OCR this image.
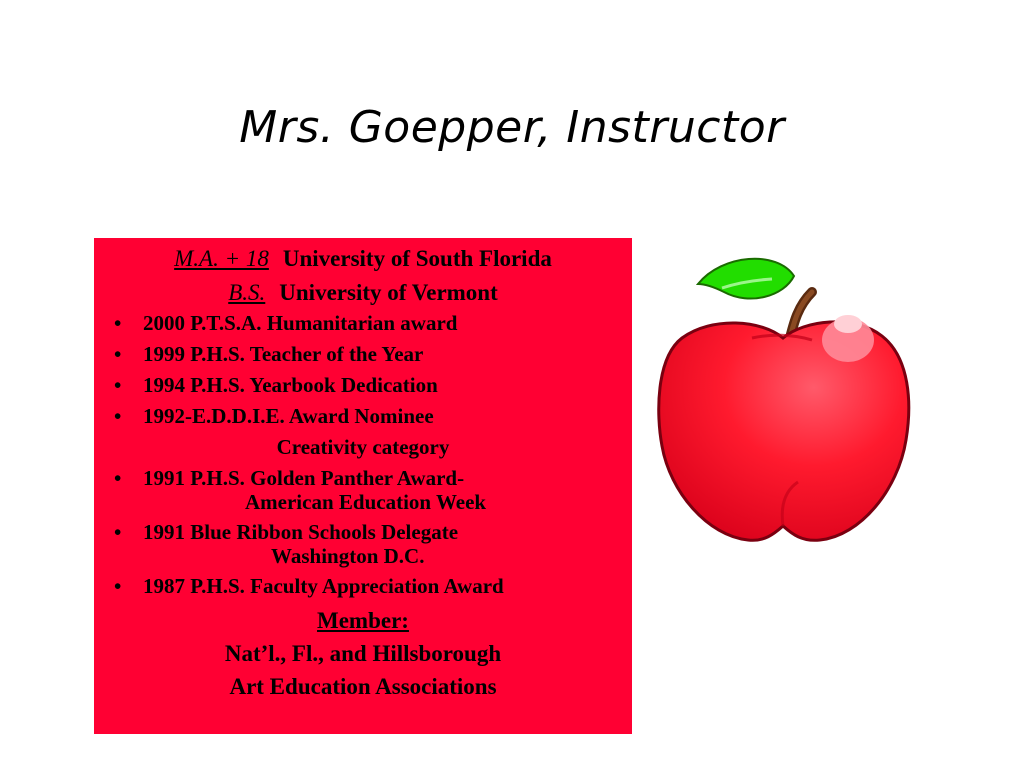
Mrs. Goepper, Instructor
M.A. + 18 University of South Florida
B.S. University of Vermont
•	2000 P.T.S.A. Humanitarian award
•	1999 P.H.S. Teacher of the Year
•	1994 P.H.S. Yearbook Dedication
•	1992-E.D.D.I.E. Award Nominee
Creativity category
•	1991 P.H.S. Golden Panther Award-
American Education Week
•	1991 Blue Ribbon Schools Delegate
Washington D.C.
•	1987 P.H.S. Faculty Appreciation Award
Member:
Nat’l., Fl., and Hillsborough
Art Education Associations
